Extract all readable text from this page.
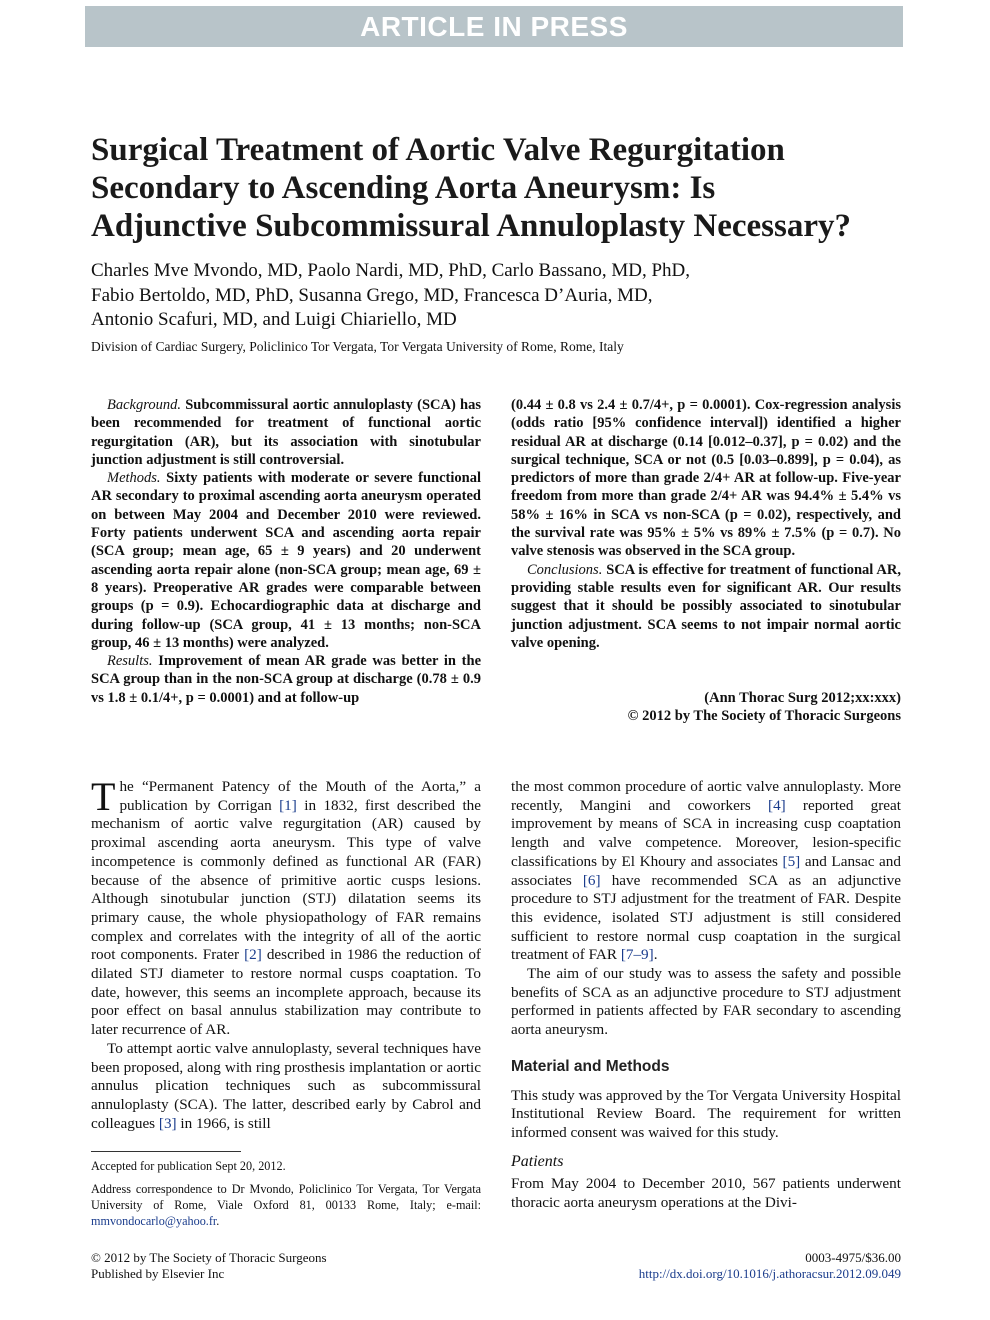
ARTICLE IN PRESS
Surgical Treatment of Aortic Valve Regurgitation
Secondary to Ascending Aorta Aneurysm: Is
Adjunctive Subcommissural Annuloplasty Necessary?
Charles Mve Mvondo, MD, Paolo Nardi, MD, PhD, Carlo Bassano, MD, PhD,
Fabio Bertoldo, MD, PhD, Susanna Grego, MD, Francesca D’Auria, MD,
Antonio Scafuri, MD, and Luigi Chiariello, MD
Division of Cardiac Surgery, Policlinico Tor Vergata, Tor Vergata University of Rome, Rome, Italy

Background. Subcommissural aortic annuloplasty (SCA) has been recommended for treatment of functional aortic regurgitation (AR), but its association with sinotubular junction adjustment is still controversial.

Methods. Sixty patients with moderate or severe functional AR secondary to proximal ascending aorta aneurysm operated on between May 2004 and December 2010 were reviewed. Forty patients underwent SCA and ascending aorta repair (SCA group; mean age, 65 ± 9 years) and 20 underwent ascending aorta repair alone (non-SCA group; mean age, 69 ± 8 years). Preoperative AR grades were comparable between groups (p = 0.9). Echocardiographic data at discharge and during follow-up (SCA group, 41 ± 13 months; non-SCA group, 46 ± 13 months) were analyzed.

Results. Improvement of mean AR grade was better in the SCA group than in the non-SCA group at discharge (0.78 ± 0.9 vs 1.8 ± 0.1/4+, p = 0.0001) and at follow-up

(0.44 ± 0.8 vs 2.4 ± 0.7/4+, p = 0.0001). Cox-regression analysis (odds ratio [95% confidence interval]) identified a higher residual AR at discharge (0.14 [0.012–0.37], p = 0.02) and the surgical technique, SCA or not (0.5 [0.03–0.899], p = 0.04), as predictors of more than grade 2/4+ AR at follow-up. Five-year freedom from more than grade 2/4+ AR was 94.4% ± 5.4% vs 58% ± 16% in SCA vs non-SCA (p = 0.02), respectively, and the survival rate was 95% ± 5% vs 89% ± 7.5% (p = 0.7). No valve stenosis was observed in the SCA group.

Conclusions. SCA is effective for treatment of functional AR, providing stable results even for significant AR. Our results suggest that it should be possibly associated to sinotubular junction adjustment. SCA seems to not impair normal aortic valve opening.

(Ann Thorac Surg 2012;xx:xxx)
© 2012 by The Society of Thoracic Surgeons

The “Permanent Patency of the Mouth of the Aorta,” a publication by Corrigan [1] in 1832, first described the mechanism of aortic valve regurgitation (AR) caused by proximal ascending aorta aneurysm. This type of valve incompetence is commonly defined as functional AR (FAR) because of the absence of primitive aortic cusps lesions. Although sinotubular junction (STJ) dilatation seems its primary cause, the whole physiopathology of FAR remains complex and correlates with the integrity of all of the aortic root components. Frater [2] described in 1986 the reduction of dilated STJ diameter to restore normal cusps coaptation. To date, however, this seems an incomplete approach, because its poor effect on basal annulus stabilization may contribute to later recurrence of AR.

To attempt aortic valve annuloplasty, several techniques have been proposed, along with ring prosthesis implantation or aortic annulus plication techniques such as subcommissural annuloplasty (SCA). The latter, described early by Cabrol and colleagues [3] in 1966, is still

the most common procedure of aortic valve annuloplasty. More recently, Mangini and coworkers [4] reported great improvement by means of SCA in increasing cusp coaptation length and valve competence. Moreover, lesion-specific classifications by El Khoury and associates [5] and Lansac and associates [6] have recommended SCA as an adjunctive procedure to STJ adjustment for the treatment of FAR. Despite this evidence, isolated STJ adjustment is still considered sufficient to restore normal cusp coaptation in the surgical treatment of FAR [7–9].

The aim of our study was to assess the safety and possible benefits of SCA as an adjunctive procedure to STJ adjustment performed in patients affected by FAR secondary to ascending aorta aneurysm.

Material and Methods

This study was approved by the Tor Vergata University Hospital Institutional Review Board. The requirement for written informed consent was waived for this study.

Patients

From May 2004 to December 2010, 567 patients underwent thoracic aorta aneurysm operations at the Divi-

Accepted for publication Sept 20, 2012.
Address correspondence to Dr Mvondo, Policlinico Tor Vergata, Tor Vergata University of Rome, Viale Oxford 81, 00133 Rome, Italy; e-mail: mmvondocarlo@yahoo.fr.
© 2012 by The Society of Thoracic Surgeons
Published by Elsevier Inc
0003-4975/$36.00
http://dx.doi.org/10.1016/j.athoracsur.2012.09.049
